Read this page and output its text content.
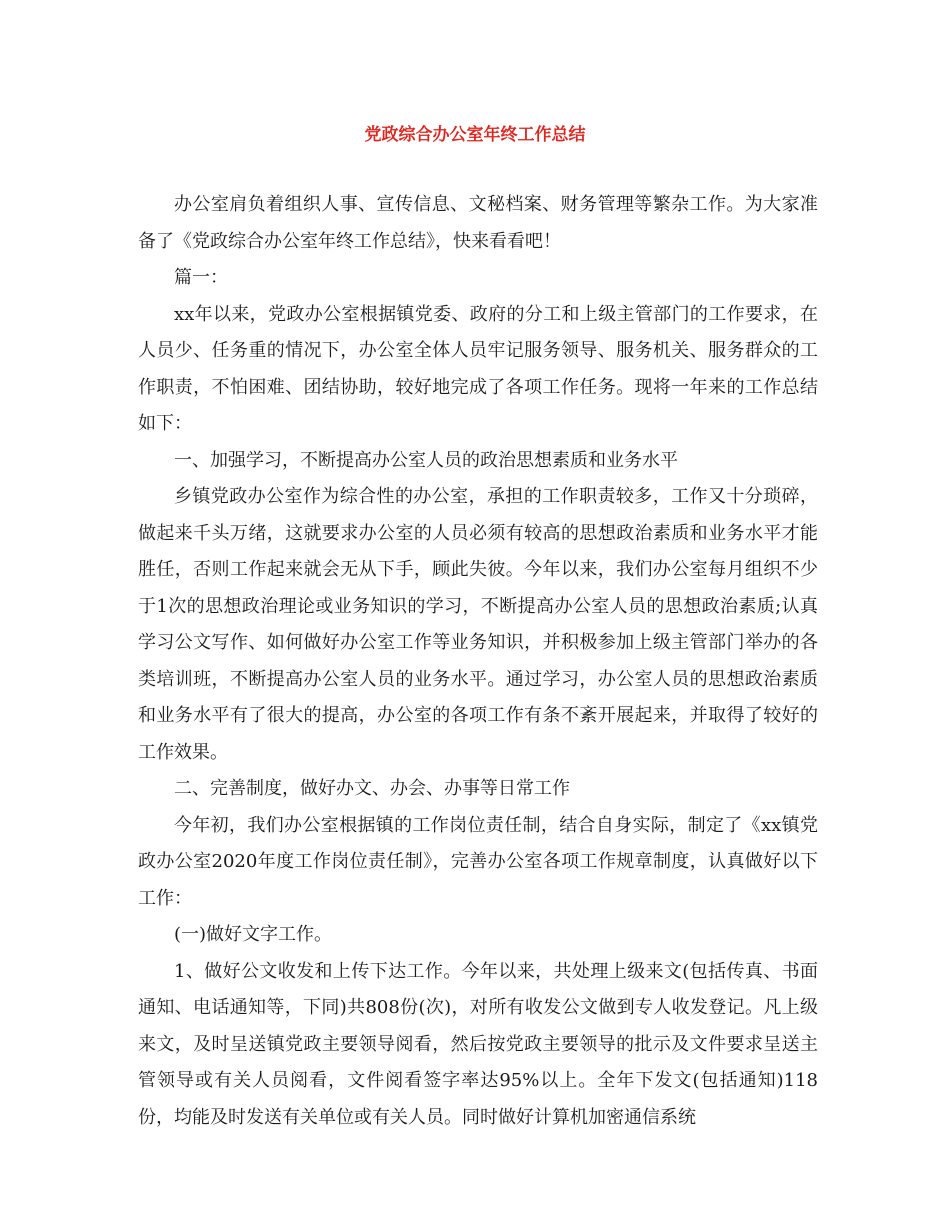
党政综合办公室年终工作总结

办公室肩负着组织人事、宣传信息、文秘档案、财务管理等繁杂工作。为大家准备了《党政综合办公室年终工作总结》，快来看看吧！

篇一：

xx年以来，党政办公室根据镇党委、政府的分工和上级主管部门的工作要求，在人员少、任务重的情况下，办公室全体人员牢记服务领导、服务机关、服务群众的工作职责，不怕困难、团结协助，较好地完成了各项工作任务。现将一年来的工作总结如下：

一、加强学习，不断提高办公室人员的政治思想素质和业务水平

乡镇党政办公室作为综合性的办公室，承担的工作职责较多，工作又十分琐碎，做起来千头万绪，这就要求办公室的人员必须有较高的思想政治素质和业务水平才能胜任，否则工作起来就会无从下手，顾此失彼。今年以来，我们办公室每月组织不少于1次的思想政治理论或业务知识的学习，不断提高办公室人员的思想政治素质;认真学习公文写作、如何做好办公室工作等业务知识，并积极参加上级主管部门举办的各类培训班，不断提高办公室人员的业务水平。通过学习，办公室人员的思想政治素质和业务水平有了很大的提高，办公室的各项工作有条不紊开展起来，并取得了较好的工作效果。

二、完善制度，做好办文、办会、办事等日常工作

今年初，我们办公室根据镇的工作岗位责任制，结合自身实际，制定了《xx镇党政办公室2020年度工作岗位责任制》，完善办公室各项工作规章制度，认真做好以下工作：

(一)做好文字工作。

1、做好公文收发和上传下达工作。今年以来，共处理上级来文(包括传真、书面通知、电话通知等，下同)共808份(次)，对所有收发公文做到专人收发登记。凡上级来文，及时呈送镇党政主要领导阅看，然后按党政主要领导的批示及文件要求呈送主管领导或有关人员阅看，文件阅看签字率达95%以上。全年下发文(包括通知)118份，均能及时发送有关单位或有关人员。同时做好计算机加密通信系统
